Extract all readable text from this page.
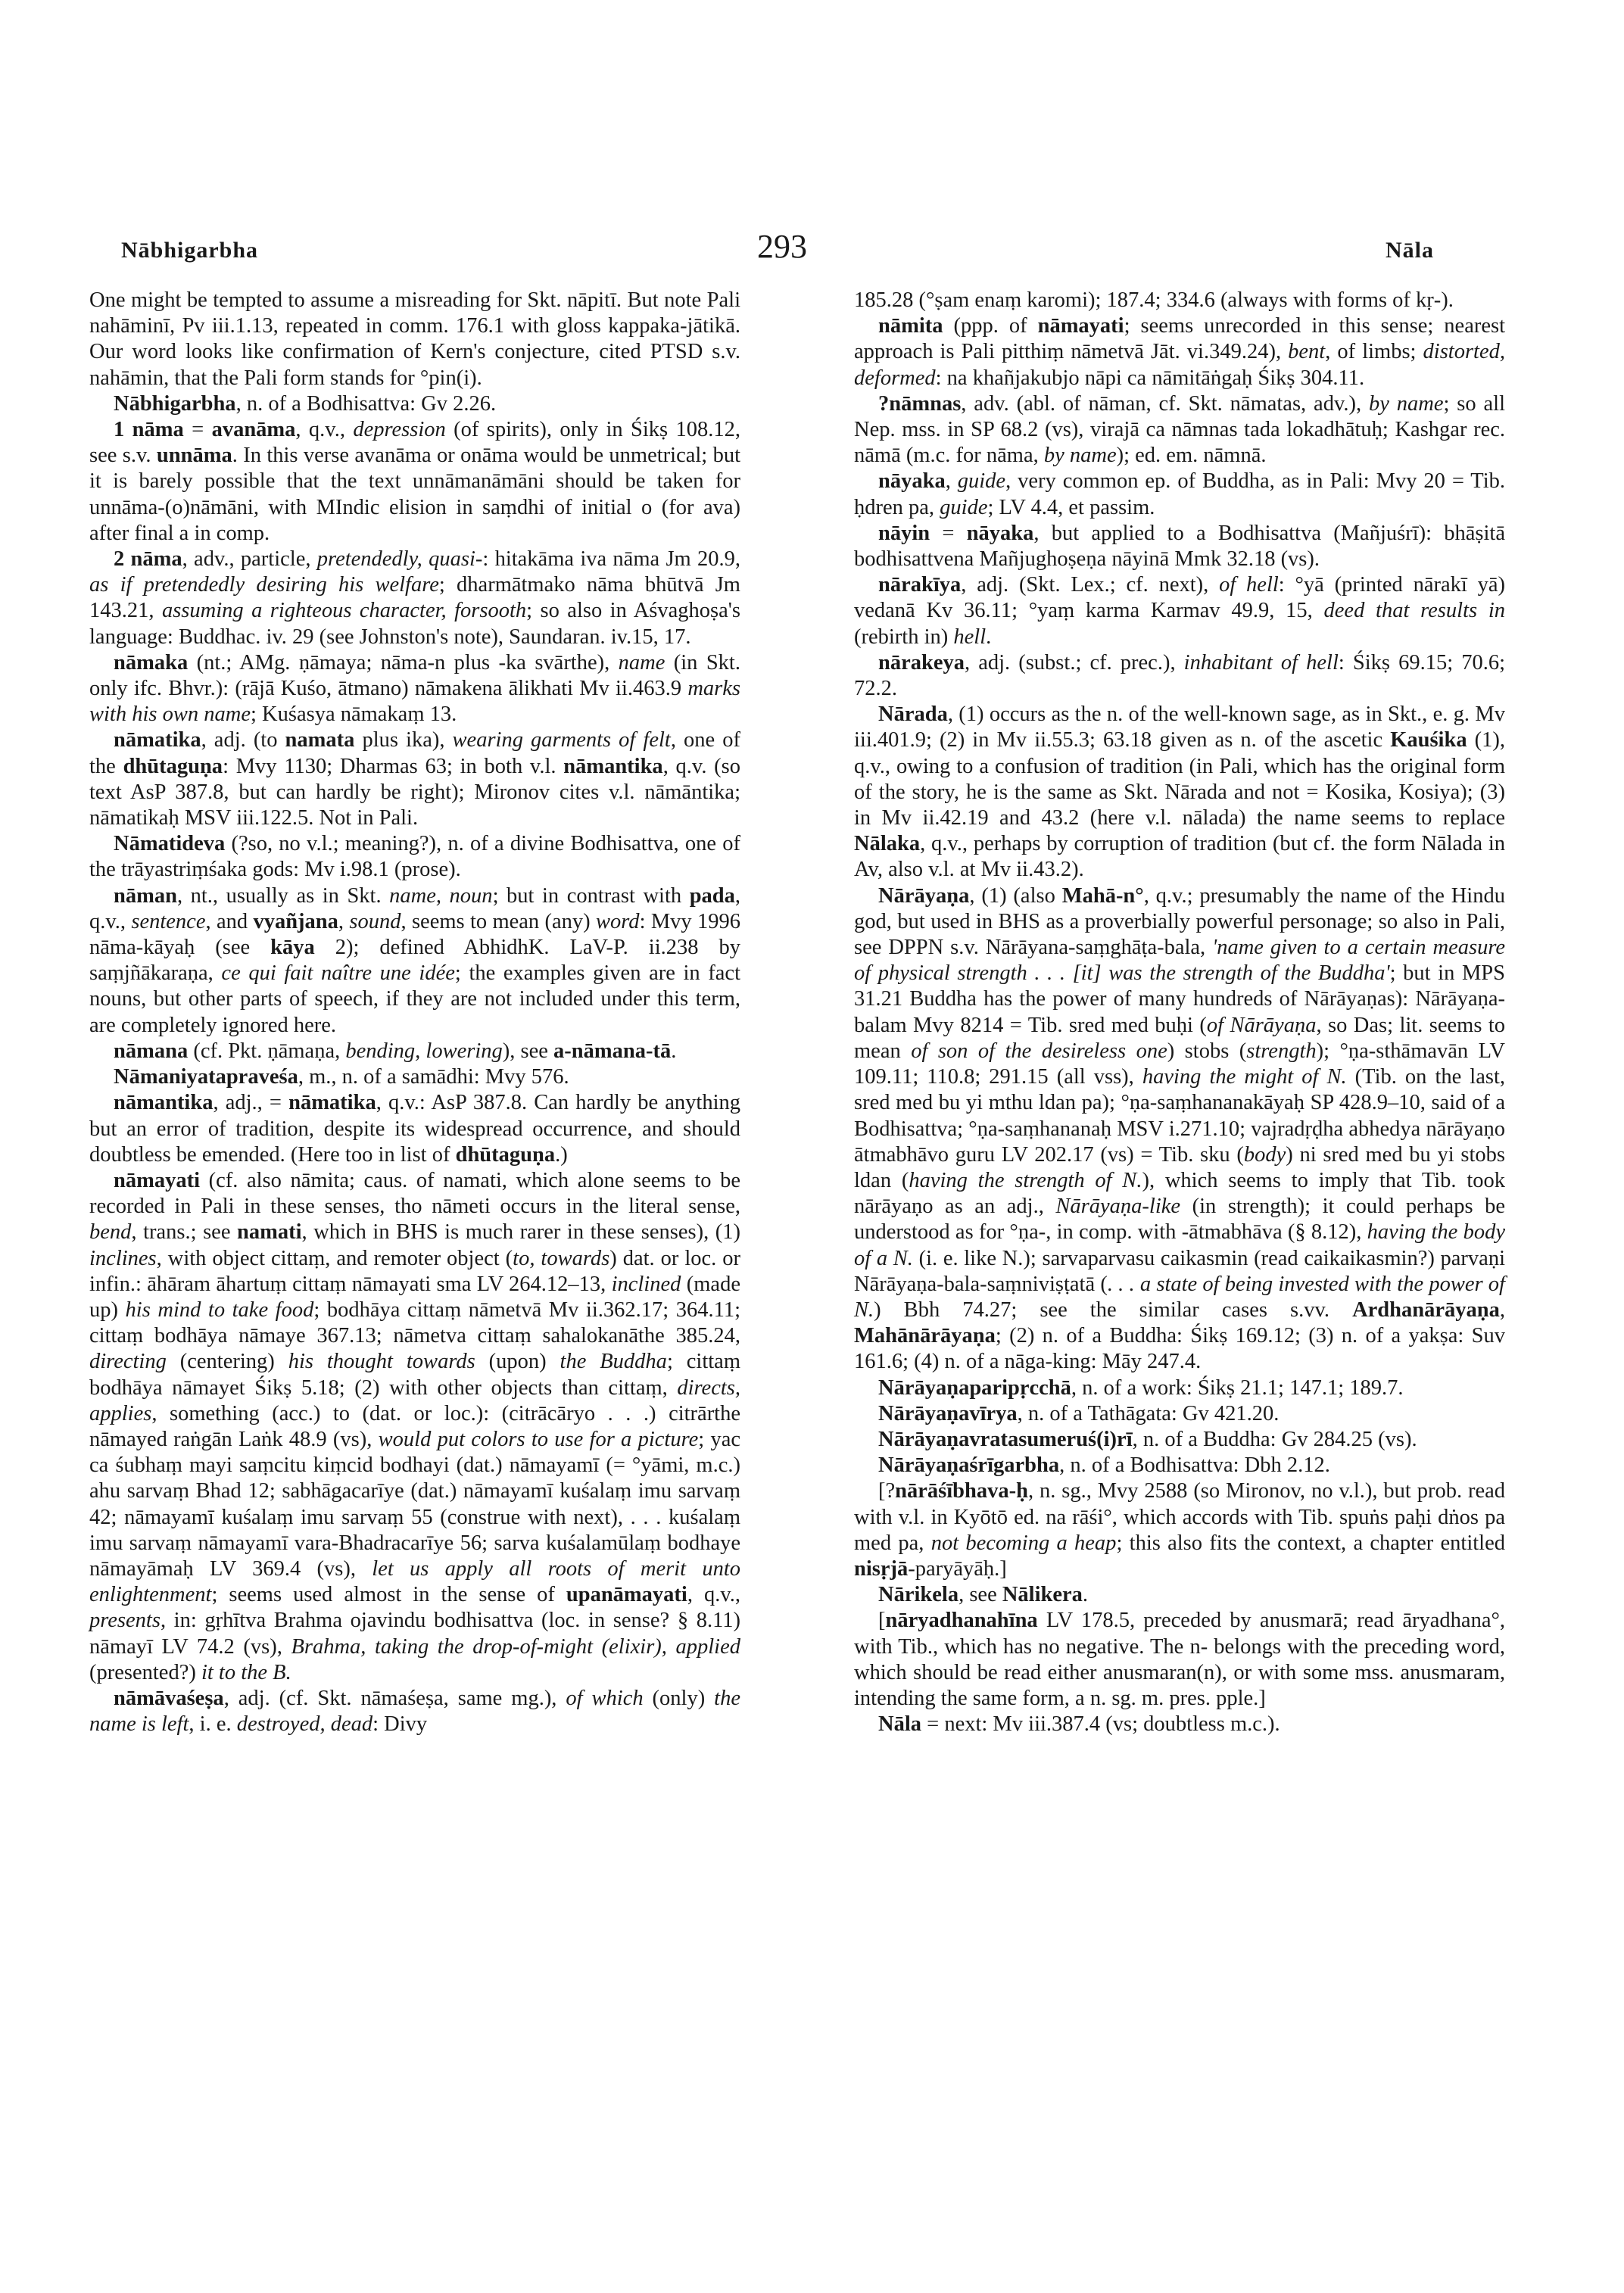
Nābhigarbha	293	Nāla

One might be tempted to assume a misreading for Skt. nāpitī. But note Pali nahāminī, Pv iii.1.13, repeated in comm. 176.1 with gloss kappaka-jātikā. Our word looks like confirmation of Kern's conjecture, cited PTSD s.v. nahāmin, that the Pali form stands for °pin(i).

Nābhigarbha, n. of a Bodhisattva: Gv 2.26.

1 nāma = avanāma, q.v., depression (of spirits), only in Śikṣ 108.12, see s.v. unnāma. In this verse avanāma or onāma would be unmetrical; but it is barely possible that the text unnāmanāmāni should be taken for unnāma-(o)nāmāni, with MIndic elision in saṃdhi of initial o (for ava) after final a in comp.

2 nāma, adv., particle, pretendedly, quasi-: hitakāma iva nāma Jm 20.9, as if pretendedly desiring his welfare; dharmātmako nāma bhūtvā Jm 143.21, assuming a righteous character, forsooth; so also in Aśvaghoṣa's language: Buddhac. iv. 29 (see Johnston's note), Saundaran. iv.15, 17.

nāmaka (nt.; AMg. ṇāmaya; nāma-n plus -ka svārthe), name (in Skt. only ifc. Bhvr.): (rājā Kuśo, ātmano) nāmakena ālikhati Mv ii.463.9 marks with his own name; Kuśasya nāmakaṃ 13.

nāmatika, adj. (to namata plus ika), wearing garments of felt, one of the dhūtaguṇa: Mvy 1130; Dharmas 63; in both v.l. nāmantika, q.v. (so text AsP 387.8, but can hardly be right); Mironov cites v.l. nāmāntika; nāmatikaḥ MSV iii.122.5. Not in Pali.

Nāmatideva (?so, no v.l.; meaning?), n. of a divine Bodhisattva, one of the trāyastriṃśaka gods: Mv i.98.1 (prose).

nāman, nt., usually as in Skt. name, noun; but in contrast with pada, q.v., sentence, and vyañjana, sound, seems to mean (any) word: Mvy 1996 nāma-kāyaḥ (see kāya 2); defined AbhidhK. LaV-P. ii.238 by saṃjñākaraṇa, ce qui fait naître une idée; the examples given are in fact nouns, but other parts of speech, if they are not included under this term, are completely ignored here.

nāmana (cf. Pkt. ṇāmaṇa, bending, lowering), see a-nāmana-tā.

Nāmaniyatapraveśa, m., n. of a samādhi: Mvy 576.

nāmantika, adj., = nāmatika, q.v.: AsP 387.8. Can hardly be anything but an error of tradition, despite its widespread occurrence, and should doubtless be emended. (Here too in list of dhūtaguṇa.)

nāmayati (cf. also nāmita; caus. of namati, which alone seems to be recorded in Pali in these senses, tho nāmeti occurs in the literal sense, bend, trans.; see namati, which in BHS is much rarer in these senses), (1) inclines, with object cittaṃ, and remoter object (to, towards) dat. or loc. or infin.: āhāram āhartuṃ cittaṃ nāmayati sma LV 264.12–13, inclined (made up) his mind to take food; bodhāya cittaṃ nāmetvā Mv ii.362.17; 364.11; cittaṃ bodhāya nāmaye 367.13; nāmetva cittaṃ sahalokanāthe 385.24, directing (centering) his thought towards (upon) the Buddha; cittaṃ bodhāya nāmayet Śikṣ 5.18; (2) with other objects than cittaṃ, directs, applies, something (acc.) to (dat. or loc.): (citrācāryo . . .) citrārthe nāmayed raṅgān Laṅk 48.9 (vs), would put colors to use for a picture; yac ca śubhaṃ mayi saṃcitu kiṃcid bodhayi (dat.) nāmayamī (= °yāmi, m.c.) ahu sarvaṃ Bhad 12; sabhāgacarīye (dat.) nāmayamī kuśalaṃ imu sarvaṃ 42; nāmayamī kuśalaṃ imu sarvaṃ 55 (construe with next), . . . kuśalaṃ imu sarvaṃ nāmayamī vara-Bhadracarīye 56; sarva kuśalamūlaṃ bodhaye nāmayāmaḥ LV 369.4 (vs), let us apply all roots of merit unto enlightenment; seems used almost in the sense of upanāmayati, q.v., presents, in: gṛhītva Brahma ojavindu bodhisattva (loc. in sense? § 8.11) nāmayī LV 74.2 (vs), Brahma, taking the drop-of-might (elixir), applied (presented?) it to the B.

nāmāvaśeṣa, adj. (cf. Skt. nāmaśeṣa, same mg.), of which (only) the name is left, i. e. destroyed, dead: Divy

185.28 (°ṣam enaṃ karomi); 187.4; 334.6 (always with forms of kṛ-).

nāmita (ppp. of nāmayati; seems unrecorded in this sense; nearest approach is Pali pitthiṃ nāmetvā Jāt. vi.349.24), bent, of limbs; distorted, deformed: na khañjakubjo nāpi ca nāmitāṅgaḥ Śikṣ 304.11.

?nāmnas, adv. (abl. of nāman, cf. Skt. nāmatas, adv.), by name; so all Nep. mss. in SP 68.2 (vs), virajā ca nāmnas tada lokadhātuḥ; Kashgar rec. nāmā (m.c. for nāma, by name); ed. em. nāmnā.

nāyaka, guide, very common ep. of Buddha, as in Pali: Mvy 20 = Tib. ḥdren pa, guide; LV 4.4, et passim.

nāyin = nāyaka, but applied to a Bodhisattva (Mañjuśrī): bhāṣitā bodhisattvena Mañjughoṣeṇa nāyinā Mmk 32.18 (vs).

nārakīya, adj. (Skt. Lex.; cf. next), of hell: °yā (printed nārakī yā) vedanā Kv 36.11; °yaṃ karma Karmav 49.9, 15, deed that results in (rebirth in) hell.

nārakeya, adj. (subst.; cf. prec.), inhabitant of hell: Śikṣ 69.15; 70.6; 72.2.

Nārada, (1) occurs as the n. of the well-known sage, as in Skt., e. g. Mv iii.401.9; (2) in Mv ii.55.3; 63.18 given as n. of the ascetic Kauśika (1), q.v., owing to a confusion of tradition (in Pali, which has the original form of the story, he is the same as Skt. Nārada and not = Kosika, Kosiya); (3) in Mv ii.42.19 and 43.2 (here v.l. nālada) the name seems to replace Nālaka, q.v., perhaps by corruption of tradition (but cf. the form Nālada in Av, also v.l. at Mv ii.43.2).

Nārāyaṇa, (1) (also Mahā-n°, q.v.; presumably the name of the Hindu god, but used in BHS as a proverbially powerful personage; so also in Pali, see DPPN s.v. Nārāyana-saṃghāṭa-bala, 'name given to a certain measure of physical strength . . . [it] was the strength of the Buddha'; but in MPS 31.21 Buddha has the power of many hundreds of Nārāyaṇas): Nārāyaṇa-balam Mvy 8214 = Tib. sred med buḥi (of Nārāyaṇa, so Das; lit. seems to mean of son of the desireless one) stobs (strength); °ṇa-sthāmavān LV 109.11; 110.8; 291.15 (all vss), having the might of N. (Tib. on the last, sred med bu yi mthu ldan pa); °ṇa-saṃhananakāyaḥ SP 428.9–10, said of a Bodhisattva; °ṇa-saṃhananaḥ MSV i.271.10; vajradṛḍha abhedya nārāyaṇo ātmabhāvo guru LV 202.17 (vs) = Tib. sku (body) ni sred med bu yi stobs ldan (having the strength of N.), which seems to imply that Tib. took nārāyaṇo as an adj., Nārāyaṇa-like (in strength); it could perhaps be understood as for °ṇa-, in comp. with -ātmabhāva (§ 8.12), having the body of a N. (i. e. like N.); sarvaparvasu caikasmin (read caikaikasmin?) parvaṇi Nārāyaṇa-bala-saṃniviṣṭatā (. . . a state of being invested with the power of N.) Bbh 74.27; see the similar cases s.vv. Ardhanārāyaṇa, Mahānārāyaṇa; (2) n. of a Buddha: Śikṣ 169.12; (3) n. of a yakṣa: Suv 161.6; (4) n. of a nāga-king: Māy 247.4.

Nārāyaṇaparipṛcchā, n. of a work: Śikṣ 21.1; 147.1; 189.7.

Nārāyaṇavīrya, n. of a Tathāgata: Gv 421.20.

Nārāyaṇavratasumeruś(i)rī, n. of a Buddha: Gv 284.25 (vs).

Nārāyaṇaśrīgarbha, n. of a Bodhisattva: Dbh 2.12.

[?nārāśībhava-ḥ, n. sg., Mvy 2588 (so Mironov, no v.l.), but prob. read with v.l. in Kyōtō ed. na rāśi°, which accords with Tib. spuṅs paḥi dṅos pa med pa, not becoming a heap; this also fits the context, a chapter entitled nisṛjā-paryāyāḥ.]

Nārikela, see Nālikera.

[nāryadhanahīna LV 178.5, preceded by anusmarā; read āryadhana°, with Tib., which has no negative. The n- belongs with the preceding word, which should be read either anusmaran(n), or with some mss. anusmaram, intending the same form, a n. sg. m. pres. pple.]

Nāla = next: Mv iii.387.4 (vs; doubtless m.c.).
